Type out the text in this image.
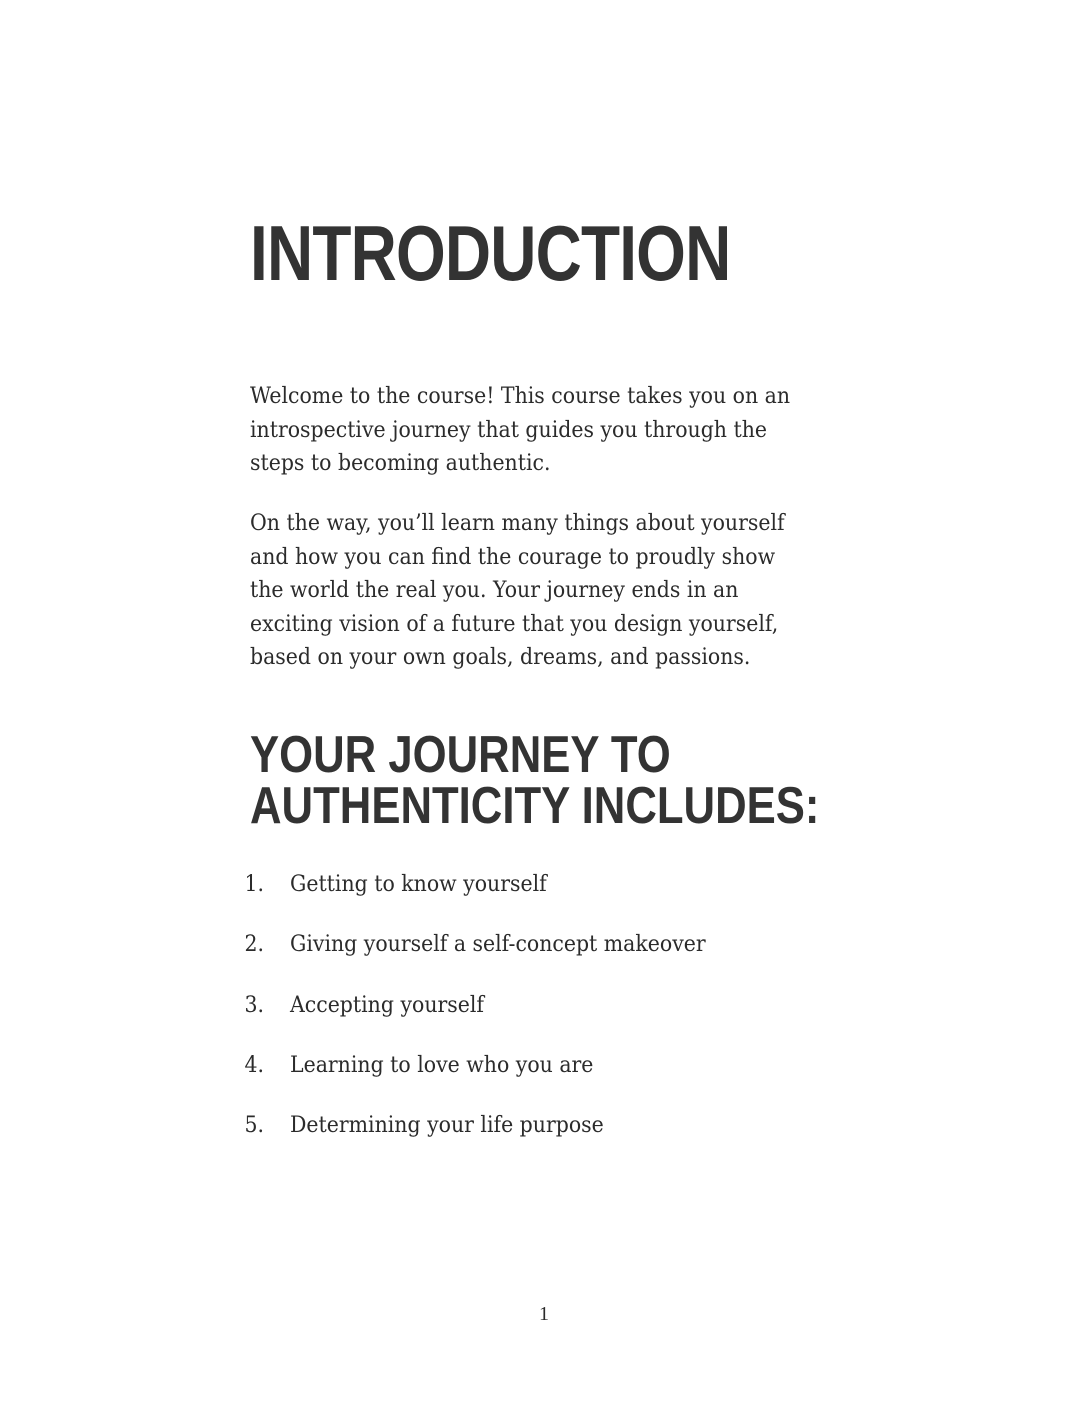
INTRODUCTION

Welcome to the course! This course takes you on an introspective journey that guides you through the steps to becoming authentic.

On the way, you’ll learn many things about yourself and how you can find the courage to proudly show the world the real you. Your journey ends in an exciting vision of a future that you design yourself, based on your own goals, dreams, and passions.

YOUR JOURNEY TO
AUTHENTICITY INCLUDES:
1. Getting to know yourself
2. Giving yourself a self-concept makeover
3. Accepting yourself
4. Learning to love who you are
5. Determining your life purpose
1
